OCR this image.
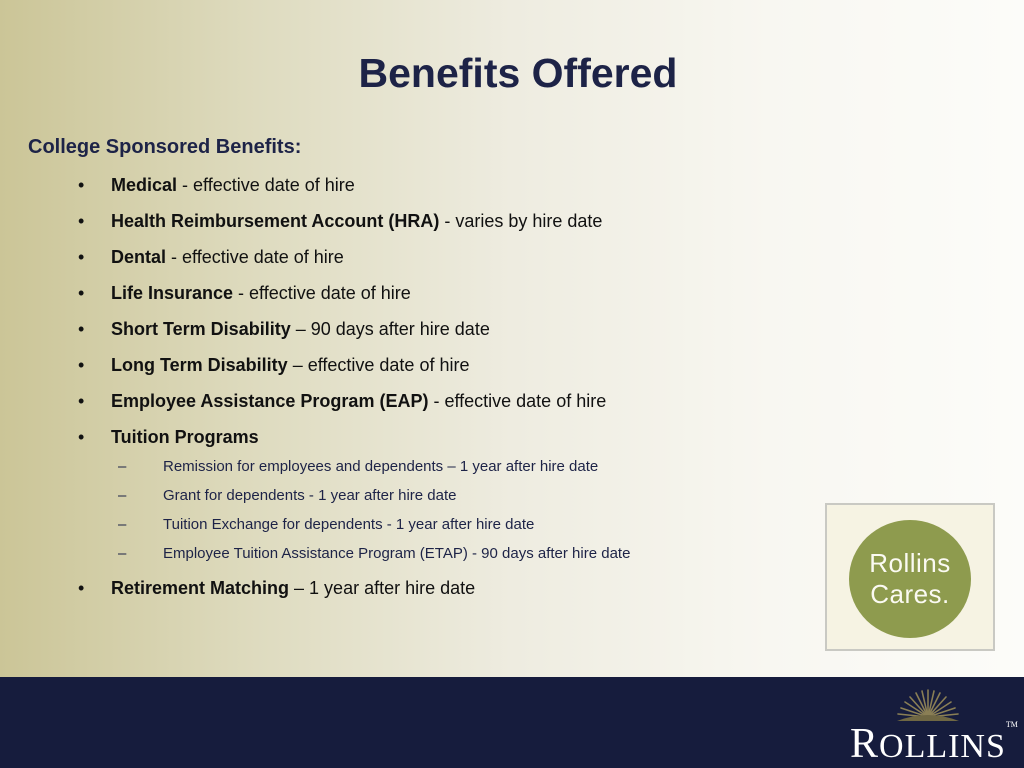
Benefits Offered
College Sponsored Benefits:
• Medical - effective date of hire
• Health Reimbursement Account (HRA) - varies by hire date
• Dental - effective date of hire
• Life Insurance - effective date of hire
• Short Term Disability – 90 days after hire date
• Long Term Disability – effective date of hire
• Employee Assistance Program (EAP) - effective date of hire
• Tuition Programs
– Remission for employees and dependents – 1 year after hire date
– Grant for dependents - 1 year after hire date
– Tuition Exchange for dependents - 1 year after hire date
– Employee Tuition Assistance Program (ETAP) - 90 days after hire date
• Retirement Matching – 1 year after hire date
Rollins
Cares.
ROLLINS™
